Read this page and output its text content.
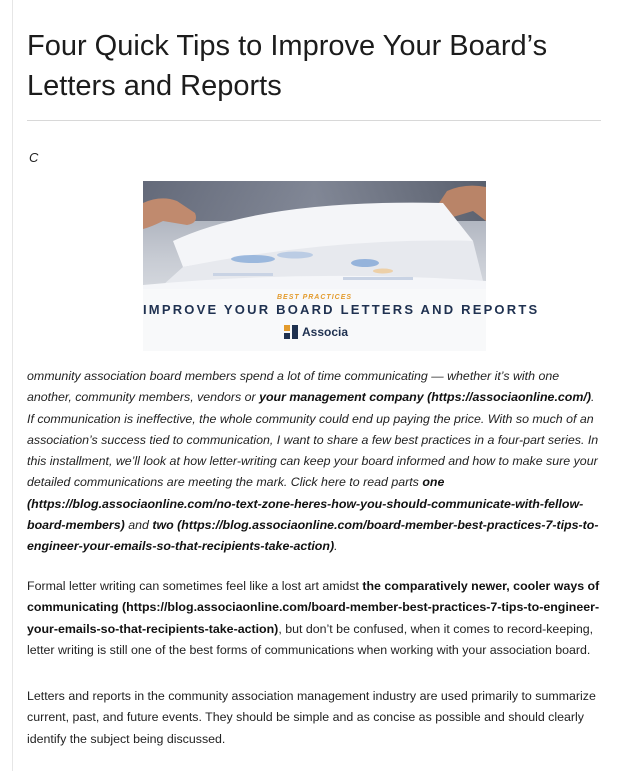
Four Quick Tips to Improve Your Board’s Letters and Reports
C
BEST PRACTICES
IMPROVE YOUR BOARD LETTERS AND REPORTS
Associa

ommunity association board members spend a lot of time communicating — whether it’s with one another, community members, vendors or your management company (https://associaonline.com/). If communication is ineffective, the whole community could end up paying the price. With so much of an association’s success tied to communication, I want to share a few best practices in a four-part series. In this installment, we’ll look at how letter-writing can keep your board informed and how to make sure your detailed communications are meeting the mark. Click here to read parts one (https://blog.associaonline.com/no-text-zone-heres-how-you-should-communicate-with-fellow-board-members) and two (https://blog.associaonline.com/board-member-best-practices-7-tips-to-engineer-your-emails-so-that-recipients-take-action).

Formal letter writing can sometimes feel like a lost art amidst the comparatively newer, cooler ways of communicating (https://blog.associaonline.com/board-member-best-practices-7-tips-to-engineer-your-emails-so-that-recipients-take-action), but don’t be confused, when it comes to record-keeping, letter writing is still one of the best forms of communications when working with your association board.

Letters and reports in the community association management industry are used primarily to summarize current, past, and future events. They should be simple and as concise as possible and should clearly identify the subject being discussed.
